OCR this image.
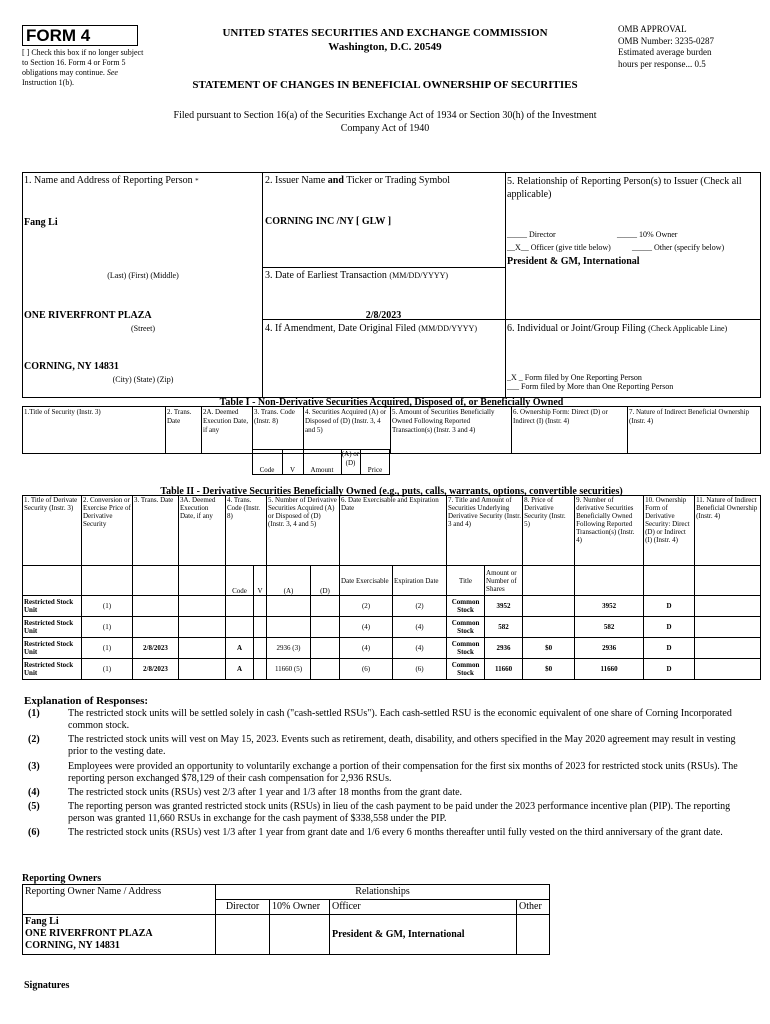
FORM 4
[ ] Check this box if no longer subject to Section 16. Form 4 or Form 5 obligations may continue. See Instruction 1(b).
UNITED STATES SECURITIES AND EXCHANGE COMMISSION
Washington, D.C. 20549
STATEMENT OF CHANGES IN BENEFICIAL OWNERSHIP OF SECURITIES
OMB APPROVAL
OMB Number: 3235-0287
Estimated average burden
hours per response... 0.5
Filed pursuant to Section 16(a) of the Securities Exchange Act of 1934 or Section 30(h) of the Investment Company Act of 1940
1. Name and Address of Reporting Person *
Fang Li
(Last) (First) (Middle)
ONE RIVERFRONT PLAZA
(Street)
CORNING, NY 14831
(City) (State) (Zip)
2. Issuer Name and Ticker or Trading Symbol
CORNING INC /NY [ GLW ]
3. Date of Earliest Transaction (MM/DD/YYYY)
2/8/2023
4. If Amendment, Date Original Filed (MM/DD/YYYY)
5. Relationship of Reporting Person(s) to Issuer (Check all applicable)
_____ Director	_____ 10% Owner
__X__ Officer (give title below)	_____ Other (specify below)
President & GM, International
6. Individual or Joint/Group Filing (Check Applicable Line)
_X _ Form filed by One Reporting Person
___ Form filed by More than One Reporting Person
Table I - Non-Derivative Securities Acquired, Disposed of, or Beneficially Owned
1.Title of Security (Instr. 3)	2. Trans. Date
2A. Deemed Execution Date, if any
3. Trans. Code (Instr. 8)
4. Securities Acquired (A) or Disposed of (D) (Instr. 3, 4 and 5)
5. Amount of Securities Beneficially Owned Following Reported Transaction(s) (Instr. 3 and 4)
6. Ownership Form: Direct (D) or Indirect (I) (Instr. 4)
7. Nature of Indirect Beneficial Ownership (Instr. 4)
Code	V	Amount
(A) or (D)
Price
Table II - Derivative Securities Beneficially Owned (e.g., puts, calls, warrants, options, convertible securities)
1. Title of Derivate Security (Instr. 3)	2. Conversion or Exercise Price of Derivative Security	3. Trans. Date	3A. Deemed Execution Date, if any	4. Trans. Code (Instr. 8)		5. Number of Derivative Securities Acquired (A) or Disposed of (D) (Instr. 3, 4 and 5)		6. Date Exercisable and Expiration Date		7. Title and Amount of Securities Underlying Derivative Security (Instr. 3 and 4)		8. Price of Derivative Security (Instr. 5)	9. Number of derivative Securities Beneficially Owned Following Reported Transaction(s) (Instr. 4)	10. Ownership Form of Derivative Security: Direct (D) or Indirect (I) (Instr. 4)	11. Nature of Indirect Beneficial Ownership (Instr. 4)
				Code	V	(A)	(D)	Date Exercisable	Expiration Date	Title	Amount or Number of Shares				
Restricted Stock Unit	(1)							(2)	(2)	Common Stock	3952		3952	D	
Restricted Stock Unit	(1)							(4)	(4)	Common Stock	582		582	D	
Restricted Stock Unit	(1)	2/8/2023		A		2936 (3)		(4)	(4)	Common Stock	2936	$0	2936	D	
Restricted Stock Unit	(1)	2/8/2023		A		11660 (5)		(6)	(6)	Common Stock	11660	$0	11660	D	
Explanation of Responses:
(1)	The restricted stock units will be settled solely in cash ("cash-settled RSUs"). Each cash-settled RSU is the economic equivalent of one share of Corning Incorporated common stock.
(2)	The restricted stock units will vest on May 15, 2023. Events such as retirement, death, disability, and others specified in the May 2020 agreement may result in vesting prior to the vesting date.
(3)	Employees were provided an opportunity to voluntarily exchange a portion of their compensation for the first six months of 2023 for restricted stock units (RSUs). The reporting person exchanged $78,129 of their cash compensation for 2,936 RSUs.
(4)	The restricted stock units (RSUs) vest 2/3 after 1 year and 1/3 after 18 months from the grant date.
(5)	The reporting person was granted restricted stock units (RSUs) in lieu of the cash payment to be paid under the 2023 performance incentive plan (PIP). The reporting person was granted 11,660 RSUs in exchange for the cash payment of $338,558 under the PIP.
(6)	The restricted stock units (RSUs) vest 1/3 after 1 year from grant date and 1/6 every 6 months thereafter until fully vested on the third anniversary of the grant date.
Reporting Owners
Reporting Owner Name / Address	Relationships			
	Director	10% Owner	Officer	Other

Fang Li
ONE RIVERFRONT PLAZA
CORNING, NY 14831			President & GM, International	
Signatures
